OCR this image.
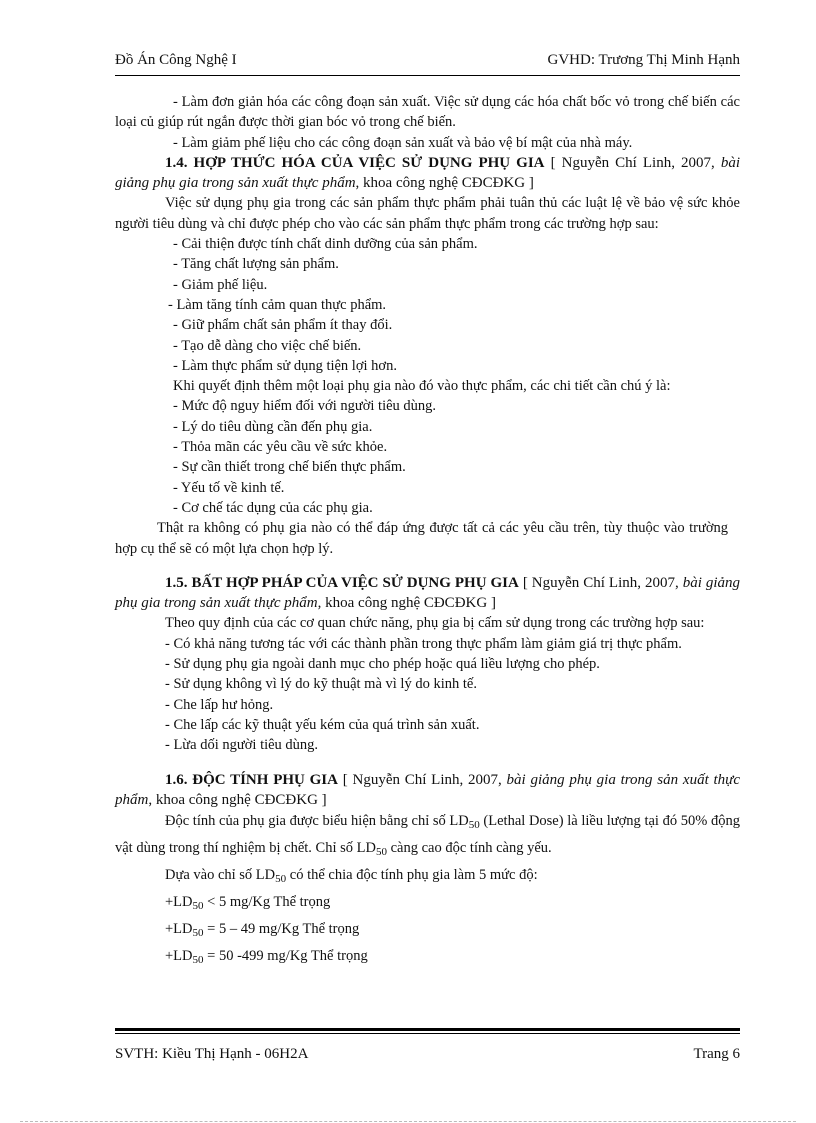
Đồ Án Công Nghệ I	GVHD: Trương Thị Minh Hạnh

- Làm đơn giản hóa các công đoạn sản xuất. Việc sử dụng các hóa chất bốc vỏ trong chế biến các loại củ giúp rút ngắn được thời gian bóc vỏ trong chế biến.

- Làm giảm phế liệu cho các công đoạn sản xuất và bảo vệ bí mật của nhà máy.

1.4. HỢP THỨC HÓA CỦA VIỆC SỬ DỤNG PHỤ GIA [ Nguyễn Chí Linh, 2007, bài giảng phụ gia trong sản xuất thực phẩm, khoa công nghệ CĐCĐKG ]

Việc sử dụng phụ gia trong các sản phẩm thực phẩm phải tuân thủ các luật lệ về bảo vệ sức khỏe người tiêu dùng và chỉ được phép cho vào các sản phẩm thực phẩm trong các trường hợp sau:

- Cải thiện được tính chất dinh dưỡng của sản phẩm.

- Tăng chất lượng sản phẩm.

- Giảm phế liệu.

- Làm tăng tính cảm quan thực phẩm.

- Giữ phẩm chất sản phẩm ít thay đổi.

- Tạo dễ dàng cho việc chế biến.

- Làm thực phẩm sử dụng tiện lợi hơn.

Khi quyết định thêm một loại phụ gia nào đó vào thực phẩm, các chi tiết cần chú ý là:

- Mức độ nguy hiểm đối với người tiêu dùng.

- Lý do tiêu dùng cần đến phụ gia.

- Thỏa mãn các yêu cầu về sức khỏe.

- Sự cần thiết trong chế biến thực phẩm.

- Yếu tố về kinh tế.

- Cơ chế tác dụng của các phụ gia.

Thật ra không có phụ gia nào có thể đáp ứng được tất cả các yêu cầu trên, tùy thuộc vào trường hợp cụ thể sẽ có một lựa chọn hợp lý.

1.5. BẤT HỢP PHÁP CỦA VIỆC SỬ DỤNG PHỤ GIA [ Nguyễn Chí Linh, 2007, bài giảng phụ gia trong sản xuất thực phẩm, khoa công nghệ CĐCĐKG ]

Theo quy định của các cơ quan chức năng, phụ gia bị cấm sử dụng trong các trường hợp sau:

- Có khả năng tương tác với các thành phần trong thực phẩm làm giảm giá trị thực phẩm.

- Sử dụng phụ gia ngoài danh mục cho phép hoặc quá liều lượng cho phép.

- Sử dụng không vì lý do kỹ thuật mà vì lý do kinh tế.

- Che lấp hư hỏng.

- Che lấp các kỹ thuật yếu kém của quá trình sản xuất.

- Lừa dối người tiêu dùng.

1.6. ĐỘC TÍNH PHỤ GIA [ Nguyễn Chí Linh, 2007, bài giảng phụ gia trong sản xuất thực phẩm, khoa công nghệ CĐCĐKG ]

Độc tính của phụ gia được biểu hiện bằng chỉ số $LD_{50}$ (Lethal Dose) là liều lượng tại đó 50% động vật dùng trong thí nghiệm bị chết. Chỉ số $LD_{50}$ càng cao độc tính càng yếu.

Dựa vào chỉ số $LD_{50}$ có thể chia độc tính phụ gia làm 5 mức độ:

$+LD_{50} < 5$ mg/Kg Thể trọng

$+LD_{50} = 5 - 49$ mg/Kg Thể trọng

$+LD_{50} = 50$ -499 mg/Kg Thể trọng

SVTH: Kiều Thị Hạnh - 06H2A	Trang 6
